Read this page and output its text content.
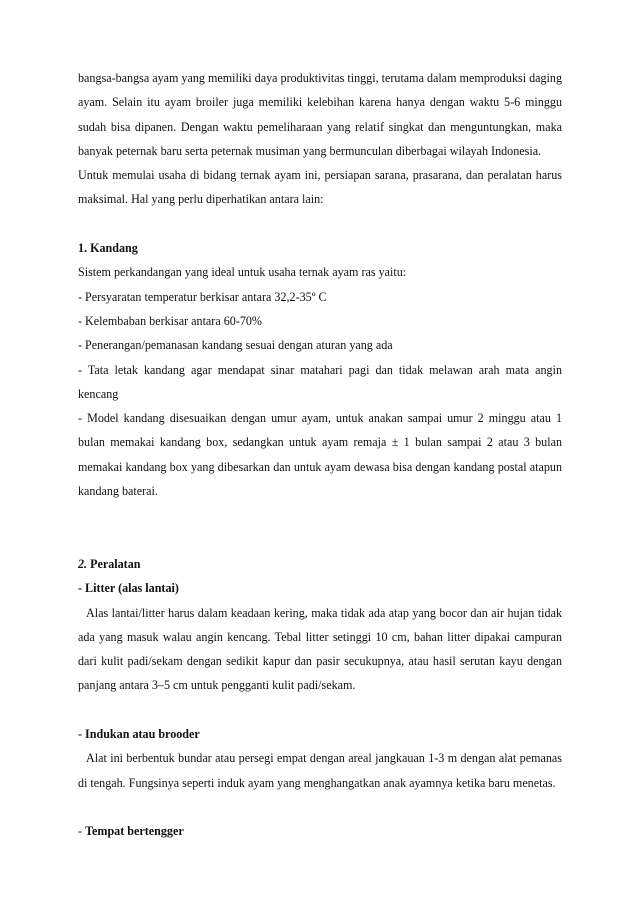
bangsa-bangsa ayam yang memiliki daya produktivitas tinggi, terutama dalam memproduksi daging ayam. Selain itu ayam broiler juga memiliki kelebihan karena hanya dengan waktu 5-6 minggu sudah bisa dipanen. Dengan waktu pemeliharaan yang relatif singkat dan menguntungkan, maka banyak peternak baru serta peternak musiman yang bermunculan diberbagai wilayah Indonesia.

Untuk memulai usaha di bidang ternak ayam ini, persiapan sarana, prasarana, dan peralatan harus maksimal. Hal yang perlu diperhatikan antara lain:

1. Kandang

Sistem perkandangan yang ideal untuk usaha ternak ayam ras yaitu:

- Persyaratan temperatur berkisar antara 32,2-35º C

- Kelembaban berkisar antara 60-70%

- Penerangan/pemanasan kandang sesuai dengan aturan yang ada

- Tata letak kandang agar mendapat sinar matahari pagi dan tidak melawan arah mata angin kencang

- Model kandang disesuaikan dengan umur ayam, untuk anakan sampai umur 2 minggu atau 1 bulan memakai kandang box, sedangkan untuk ayam remaja ± 1 bulan sampai 2 atau 3 bulan memakai kandang box yang dibesarkan dan untuk ayam dewasa bisa dengan kandang postal atapun kandang baterai.

2. Peralatan

- Litter (alas lantai)

Alas lantai/litter harus dalam keadaan kering, maka tidak ada atap yang bocor dan air hujan tidak ada yang masuk walau angin kencang. Tebal litter setinggi 10 cm, bahan litter dipakai campuran dari kulit padi/sekam dengan sedikit kapur dan pasir secukupnya, atau hasil serutan kayu dengan panjang antara 3–5 cm untuk pengganti kulit padi/sekam.

- Indukan atau brooder

Alat ini berbentuk bundar atau persegi empat dengan areal jangkauan 1-3 m dengan alat pemanas di tengah. Fungsinya seperti induk ayam yang menghangatkan anak ayamnya ketika baru menetas.

- Tempat bertengger
